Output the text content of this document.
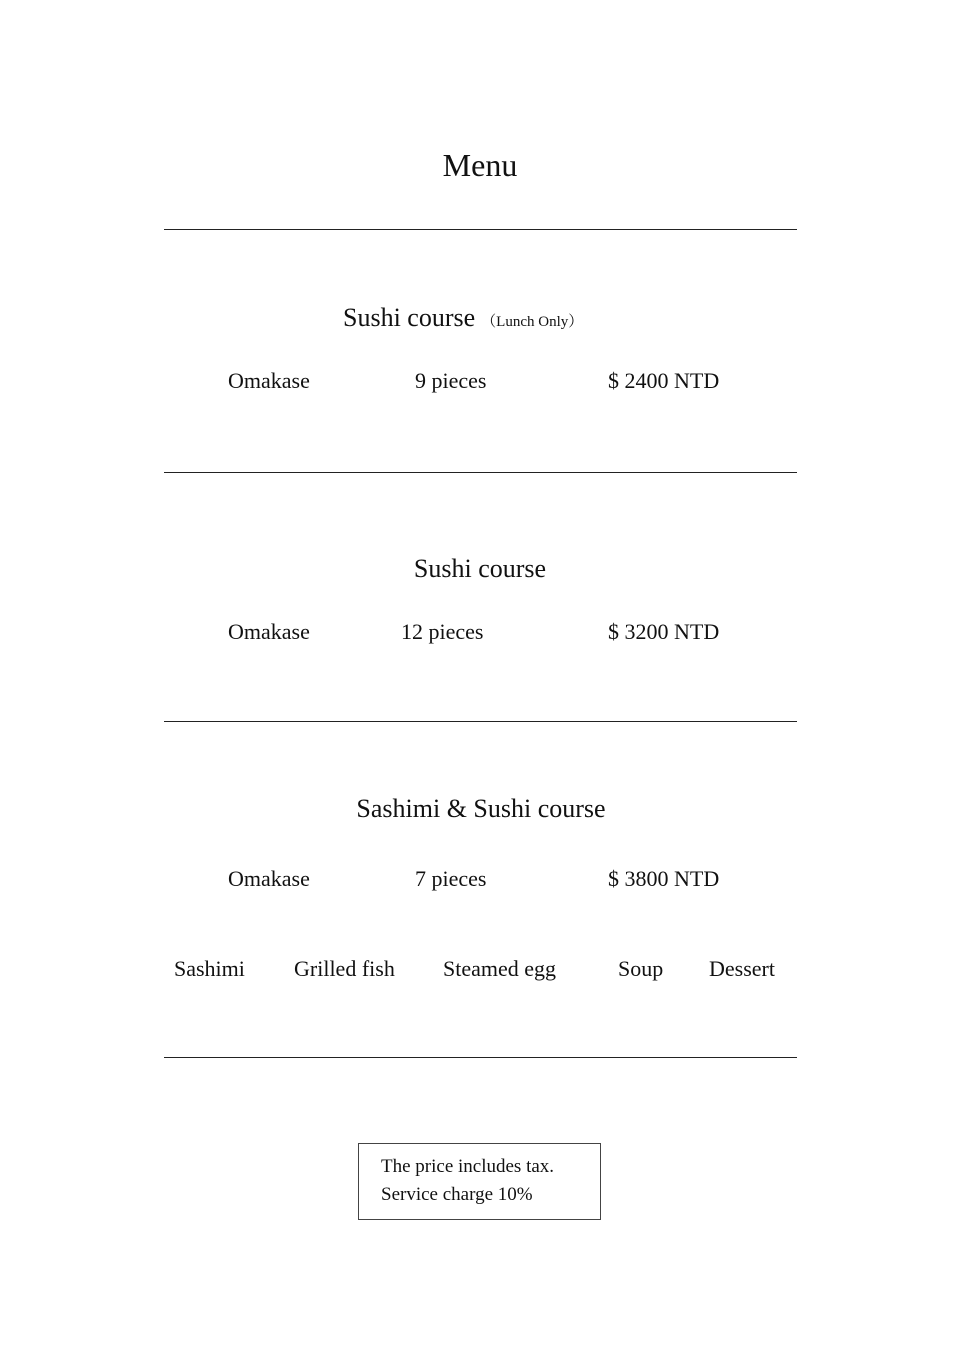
Menu
Sushi course （Lunch Only）
Omakase	9 pieces	$ 2400 NTD
Sushi course
Omakase	12 pieces	$ 3200 NTD
Sashimi & Sushi course
Omakase	7 pieces	$ 3800 NTD
Sashimi Grilled fish Steamed egg	Soup Dessert
The price includes tax.
Service charge 10%
